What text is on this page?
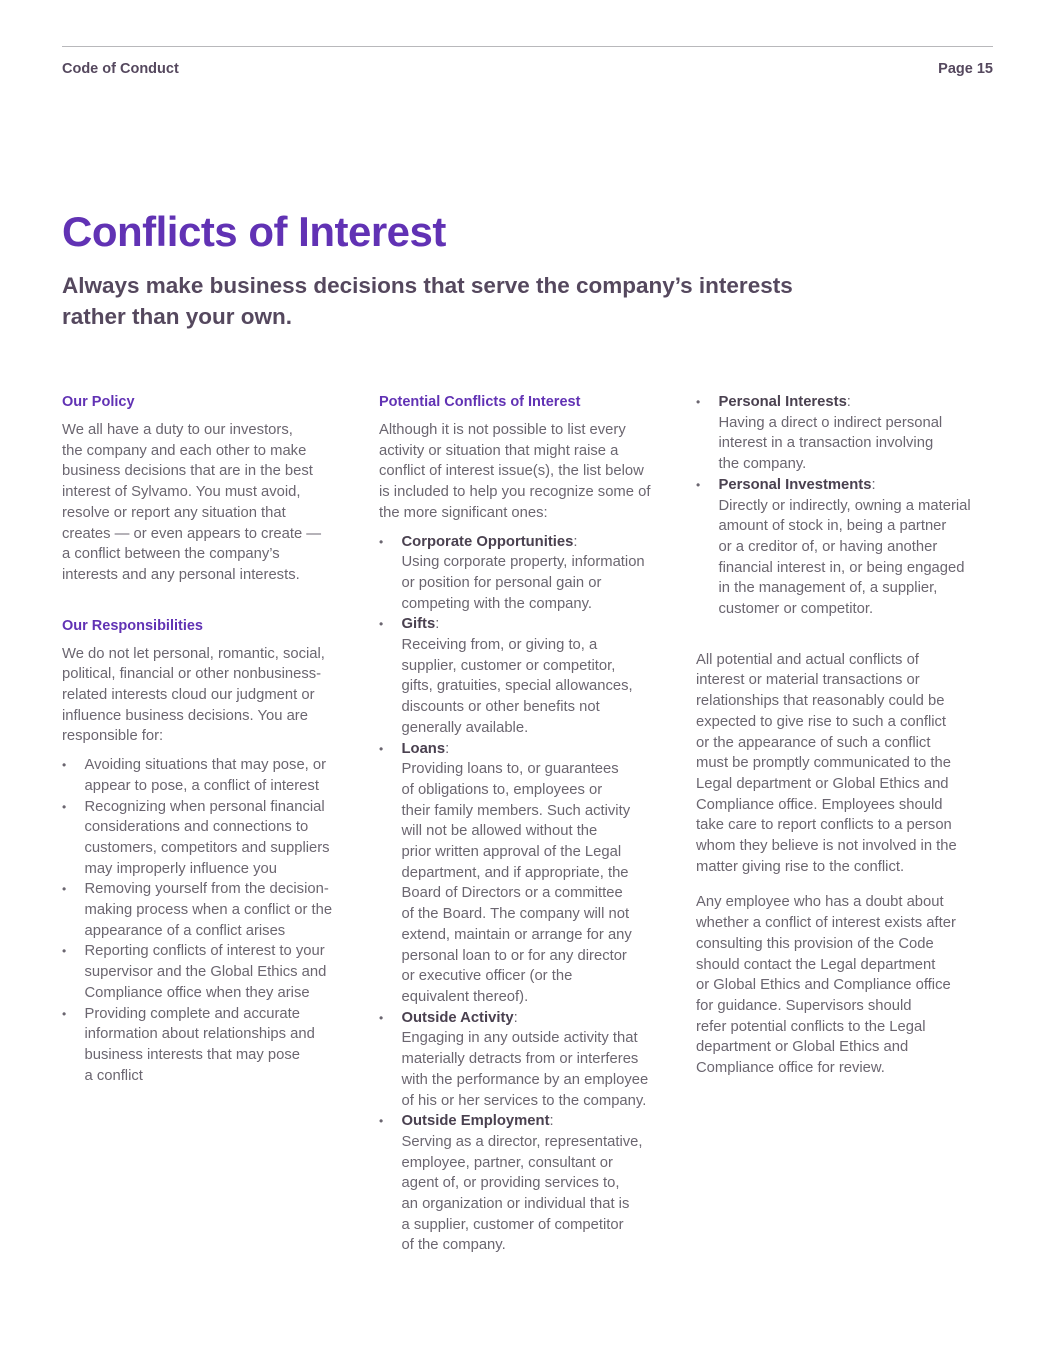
Code of Conduct	Page 15
Conflicts of Interest

Always make business decisions that serve the company’s interests rather than your own.

Our Policy
We all have a duty to our investors,
the company and each other to make
business decisions that are in the best
interest of Sylvamo. You must avoid,
resolve or report any situation that
creates — or even appears to create —
a conflict between the company’s
interests and any personal interests.
Our Responsibilities
We do not let personal, romantic, social,
political, financial or other nonbusiness-
related interests cloud our judgment or
influence business decisions. You are
responsible for:
• Avoiding situations that may pose, or
appear to pose, a conflict of interest
• Recognizing when personal financial
considerations and connections to
customers, competitors and suppliers
may improperly influence you
• Removing yourself from the decision-
making process when a conflict or the
appearance of a conflict arises
• Reporting conflicts of interest to your
supervisor and the Global Ethics and
Compliance office when they arise
• Providing complete and accurate
information about relationships and
business interests that may pose
a conflict
Potential Conflicts of Interest
Although it is not possible to list every
activity or situation that might raise a
conflict of interest issue(s), the list below
is included to help you recognize some of
the more significant ones:
• Corporate Opportunities:
Using corporate property, information
or position for personal gain or
competing with the company.
• Gifts:
Receiving from, or giving to, a
supplier, customer or competitor,
gifts, gratuities, special allowances,
discounts or other benefits not
generally available.
• Loans:
Providing loans to, or guarantees
of obligations to, employees or
their family members. Such activity
will not be allowed without the
prior written approval of the Legal
department, and if appropriate, the
Board of Directors or a committee
of the Board. The company will not
extend, maintain or arrange for any
personal loan to or for any director
or executive officer (or the
equivalent thereof).
• Outside Activity:
Engaging in any outside activity that
materially detracts from or interferes
with the performance by an employee
of his or her services to the company.
• Outside Employment:
Serving as a director, representative,
employee, partner, consultant or
agent of, or providing services to,
an organization or individual that is
a supplier, customer of competitor
of the company.
• Personal Interests:
Having a direct o indirect personal
interest in a transaction involving
the company.
• Personal Investments:
Directly or indirectly, owning a material
amount of stock in, being a partner
or a creditor of, or having another
financial interest in, or being engaged
in the management of, a supplier,
customer or competitor.
All potential and actual conflicts of
interest or material transactions or
relationships that reasonably could be
expected to give rise to such a conflict
or the appearance of such a conflict
must be promptly communicated to the
Legal department or Global Ethics and
Compliance office. Employees should
take care to report conflicts to a person
whom they believe is not involved in the
matter giving rise to the conflict.
Any employee who has a doubt about
whether a conflict of interest exists after
consulting this provision of the Code
should contact the Legal department
or Global Ethics and Compliance office
for guidance. Supervisors should
refer potential conflicts to the Legal
department or Global Ethics and
Compliance office for review.
